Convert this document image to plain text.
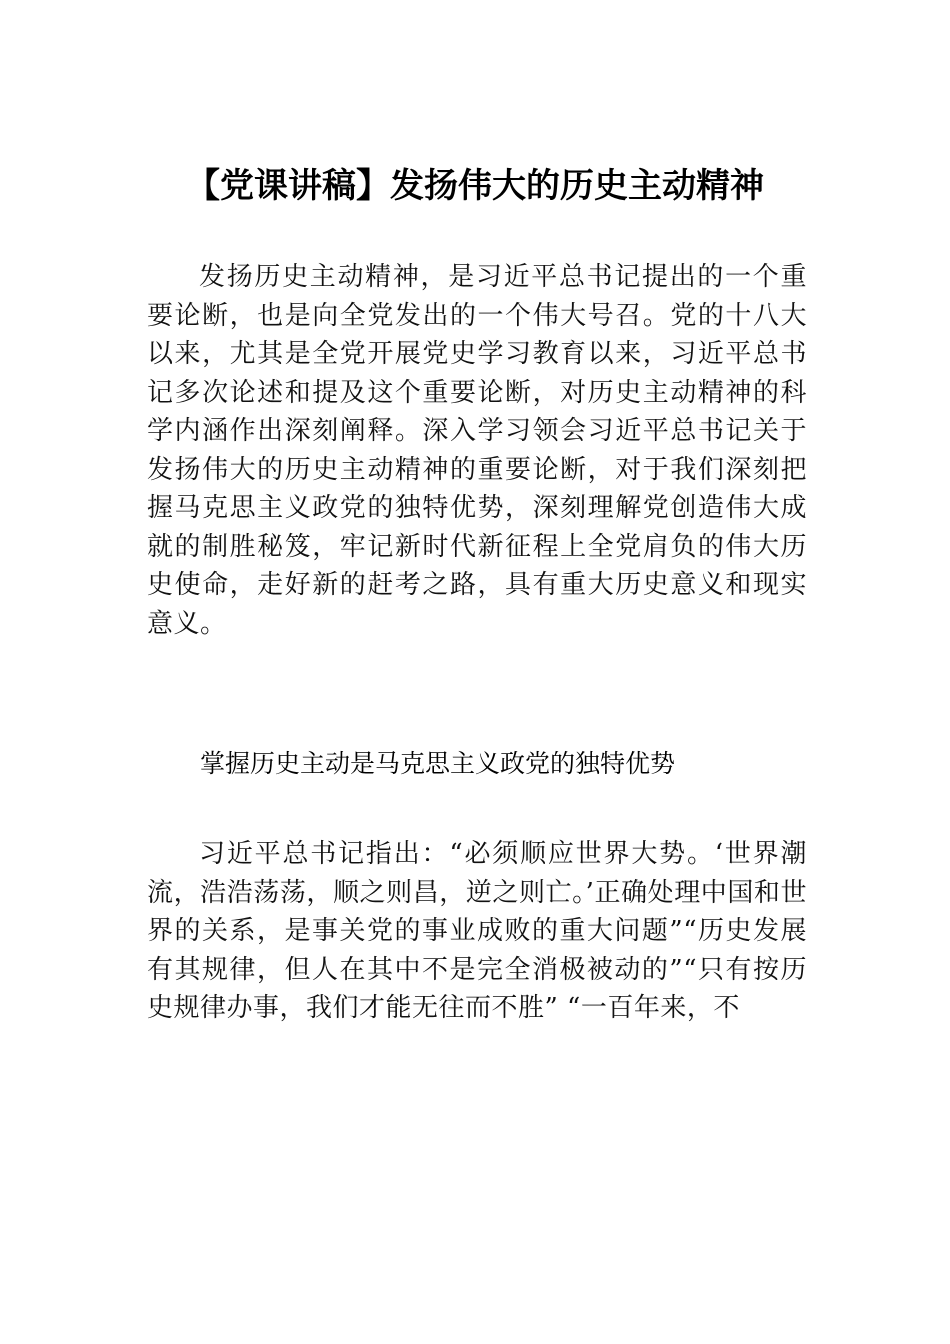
【党课讲稿】发扬伟大的历史主动精神

发扬历史主动精神，是习近平总书记提出的一个重要论断，也是向全党发出的一个伟大号召。党的十八大以来，尤其是全党开展党史学习教育以来，习近平总书记多次论述和提及这个重要论断，对历史主动精神的科学内涵作出深刻阐释。深入学习领会习近平总书记关于发扬伟大的历史主动精神的重要论断，对于我们深刻把握马克思主义政党的独特优势，深刻理解党创造伟大成就的制胜秘笈，牢记新时代新征程上全党肩负的伟大历史使命，走好新的赶考之路，具有重大历史意义和现实意义。

掌握历史主动是马克思主义政党的独特优势

习近平总书记指出：“必须顺应世界大势。‘世界潮流，浩浩荡荡，顺之则昌，逆之则亡。’正确处理中国和世界的关系，是事关党的事业成败的重大问题”“历史发展有其规律，但人在其中不是完全消极被动的”“只有按历史规律办事，我们才能无往而不胜” “一百年来，不
